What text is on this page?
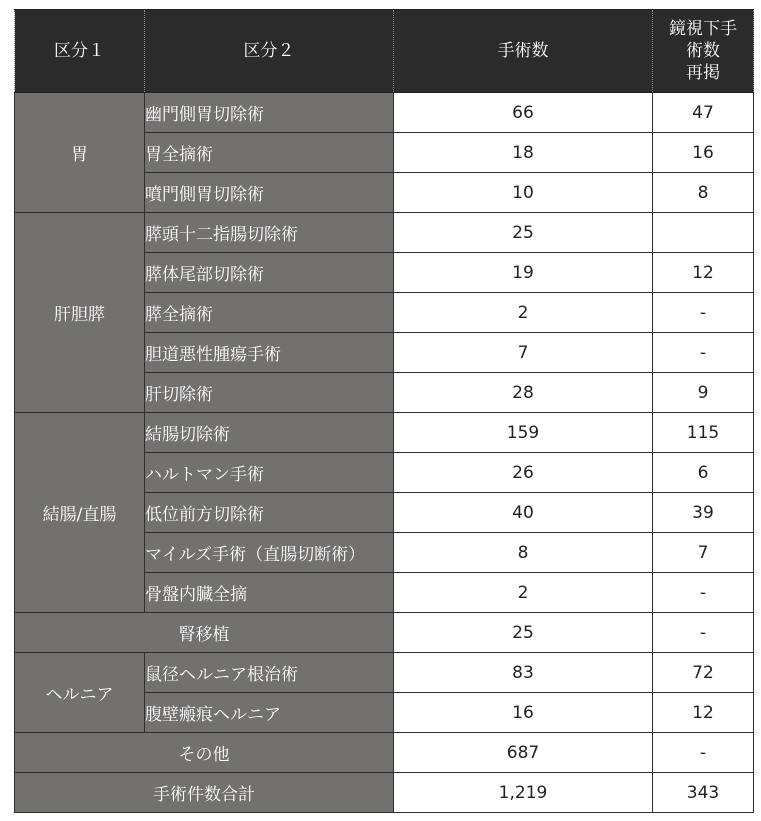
区分１	区分２	手術数	鏡視下手
術数
再掲
胃	幽門側胃切除術	66	47
	胃全摘術	18	16
	噴門側胃切除術	10	8
肝胆膵	膵頭十二指腸切除術	25	
	膵体尾部切除術	19	12
	膵全摘術	2	-
	胆道悪性腫瘍手術	7	-
	肝切除術	28	9
結腸/直腸	結腸切除術	159	115
	ハルトマン手術	26	6
	低位前方切除術	40	39
	マイルズ手術（直腸切断術）	8	7
	骨盤内臓全摘	2	-
腎移植		25	-
ヘルニア	鼠径ヘルニア根治術	83	72
	腹壁瘢痕ヘルニア	16	12
その他		687	-
手術件数合計		1,219	343
